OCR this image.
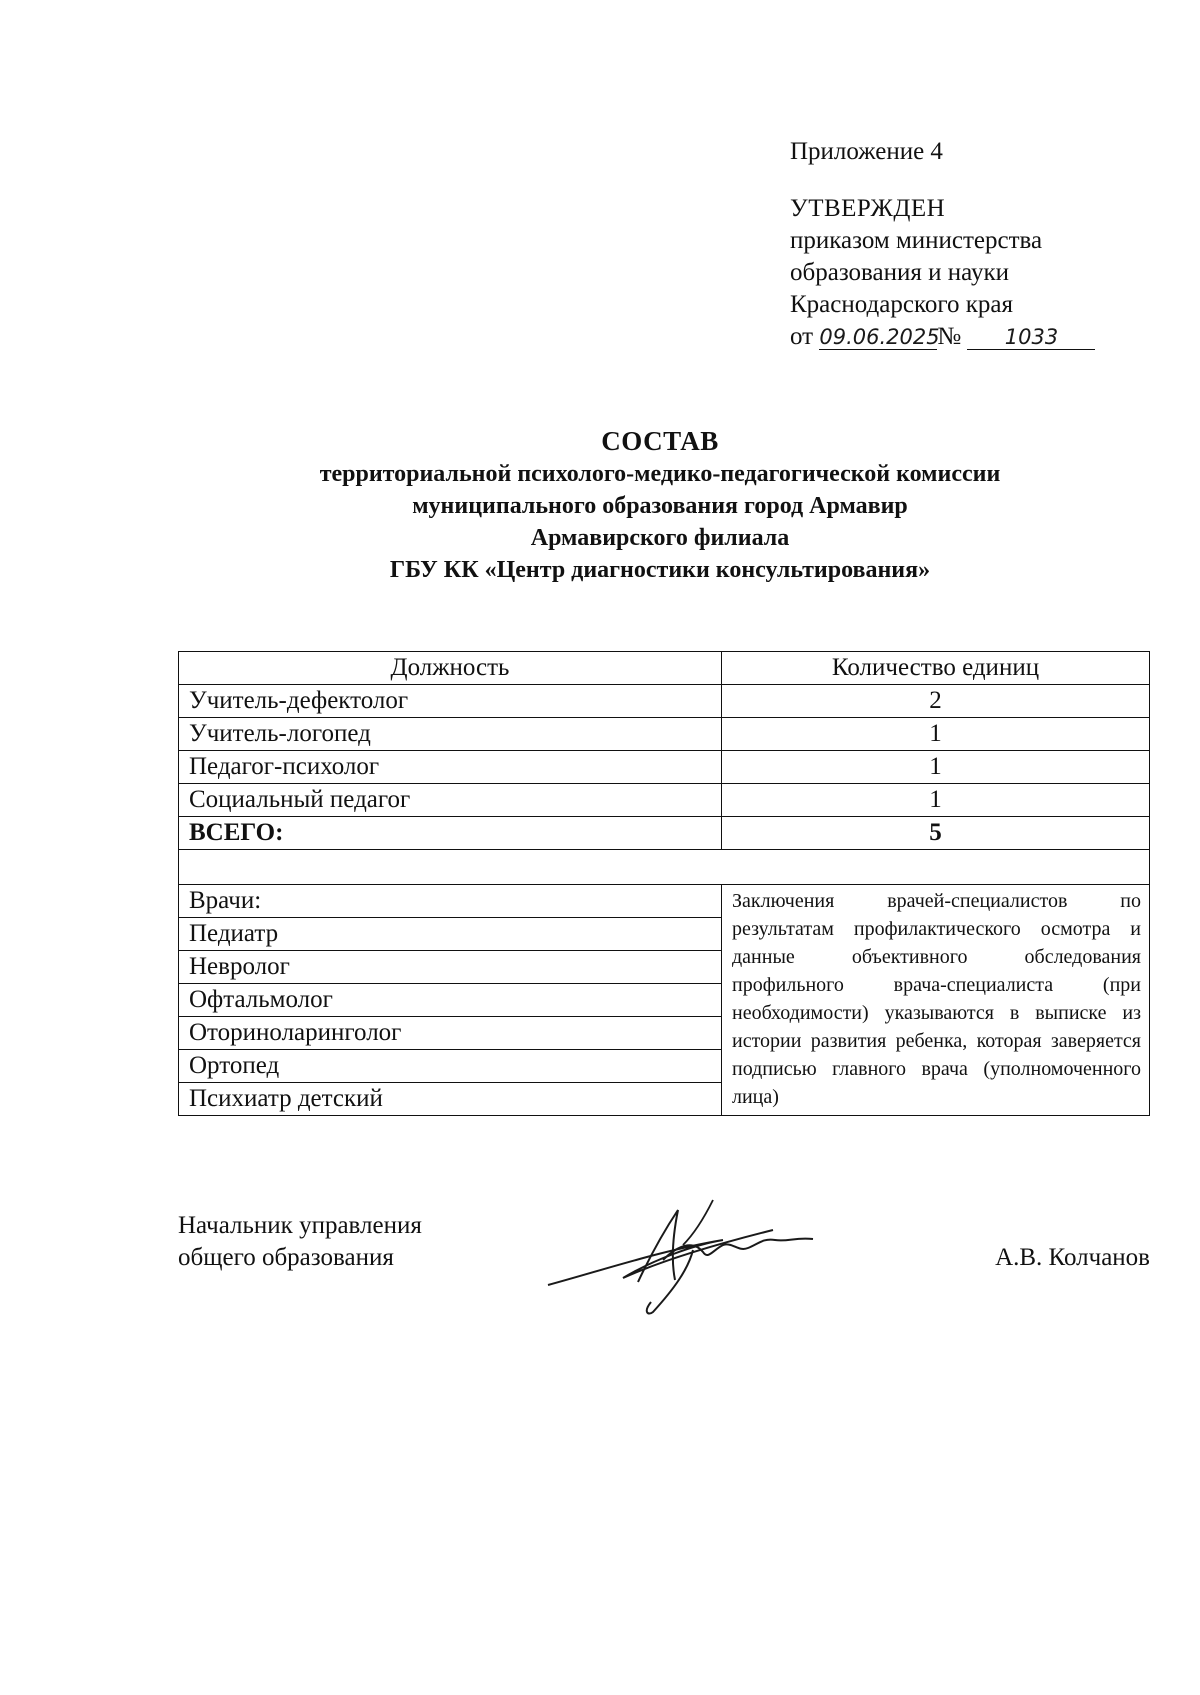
Приложение 4
УТВЕРЖДЕН
приказом министерства
образования и науки
Краснодарского края
от 09.06.2025№ 1033
СОСТАВ
территориальной психолого-медико-педагогической комиссии
муниципального образования город Армавир
Армавирского филиала
ГБУ КК «Центр диагностики консультирования»
Должность	Количество единиц
Учитель-дефектолог	2
Учитель-логопед	1
Педагог-психолог	1
Социальный педагог	1
ВСЕГО:	5

Врачи:	Заключения врачей-специалистов по результатам профилактического осмотра и данные объективного обследования профильного врача-специалиста (при необходимости) указываются в выписке из истории развития ребенка, которая заверяется подписью главного врача (уполномоченного лица)
Педиатр	
Невролог	
Офтальмолог	
Оториноларинголог	
Ортопед	
Психиатр детский	
Начальник управления
общего образования	А.В. Колчанов
